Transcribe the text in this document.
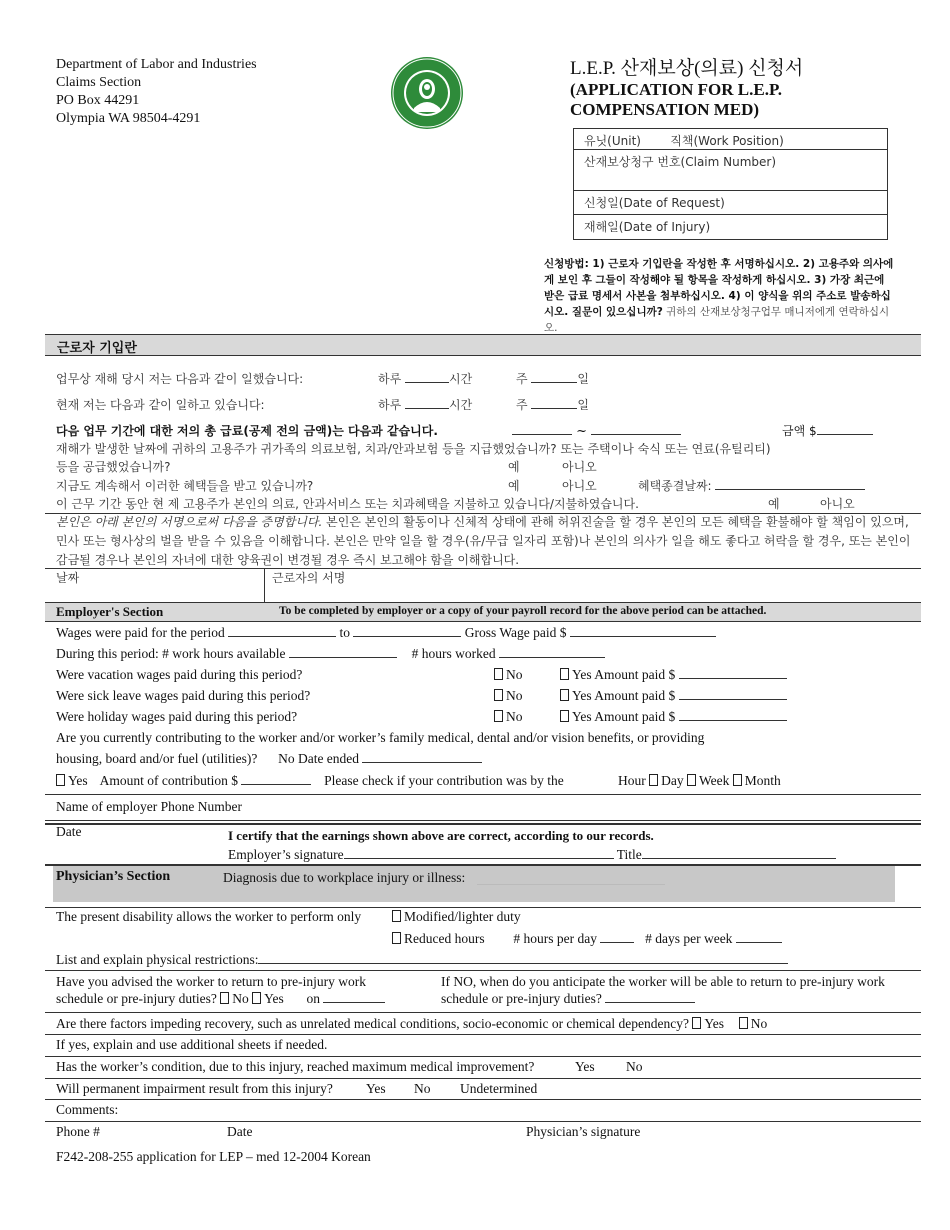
Department of Labor and Industries
Claims Section
PO Box 44291
Olympia WA 98504-4291
L.E.P. 산재보상(의료) 신청서
(APPLICATION FOR L.E.P.
COMPENSATION MED)
유닛(Unit) 직책(Work Position)
산재보상청구 번호(Claim Number)
신청일(Date of Request)
재해일(Date of Injury)
신청방법: 1) 근로자 기입란을 작성한 후 서명하십시오. 2) 고용주와 의사에게 보인 후 그들이 작성해야 될 항목을 작성하게 하십시오. 3) 가장 최근에 받은 급료 명세서 사본을 첨부하십시오. 4) 이 양식을 위의 주소로 발송하십시오. 질문이 있으십니까? 귀하의 산재보상청구업무 매니저에게 연락하십시오.
근로자 기입란
업무상 재해 당시 저는 다음과 같이 일했습니다:	하루	시간	주	일
현재 저는 다음과 같이 일하고 있습니다:	하루	시간	주	일
다음 업무 기간에 대한 저의 총 급료(공제 전의 금액)는 다음과 같습니다.	~	금액 $
재해가 발생한 날짜에 귀하의 고용주가 귀가족의 의료보험, 치과/안과보험 등을 지급했었습니까? 또는 주택이나 숙식 또는 연료(유틸리티)
등을 공급했었습니까?	예	아니오
지금도 계속해서 이러한 혜택들을 받고 있습니까?	예	아니오	혜택종결날짜:
이 근무 기간 동안 현 제 고용주가 본인의 의료, 안과서비스 또는 치과혜택을 지불하고 있습니다/지불하였습니다.	예	아니오
본인은 아래 본인의 서명으로써 다음을 증명합니다. 본인은 본인의 활동이나 신체적 상태에 관해 허위진술을 할 경우 본인의 모든 혜택을 환불해야 할 책임이 있으며, 민사 또는 형사상의 벌을 받을 수 있음을 이해합니다. 본인은 만약 일을 할 경우(유/무급 일자리 포함)나 본인의 의사가 일을 해도 좋다고 허락을 할 경우, 또는 본인이 감금될 경우나 본인의 자녀에 대한 양육권이 변경될 경우 즉시 보고해야 함을 이해합니다.
날짜	근로자의 서명
Employer's Section	To be completed by employer or a copy of your payroll record for the above period can be attached.
Wages were paid for the period	to	Gross Wage paid $
During this period: # work hours available	# hours worked
Were vacation wages paid during this period?	No	Yes Amount paid $
Were sick leave wages paid during this period?	No	Yes Amount paid $
Were holiday wages paid during this period?	No	Yes Amount paid $
Are you currently contributing to the worker and/or worker’s family medical, dental and/or vision benefits, or providing
housing, board and/or fuel (utilities)? No Date ended
Yes Amount of contribution $	Please check if your contribution was by the	Hour Day Week Month
Name of employer Phone Number
Date	I certify that the earnings shown above are correct, according to our records.
Employer’s signature	Title
Physician’s Section	Diagnosis due to workplace injury or illness:
The present disability allows the worker to perform only	Modified/lighter duty
Reduced hours # hours per day	# days per week
List and explain physical restrictions:
Have you advised the worker to return to pre-injury work
schedule or pre-injury duties? No Yes on
If NO, when do you anticipate the worker will be able to return to pre-injury work
schedule or pre-injury duties?
Are there factors impeding recovery, such as unrelated medical conditions, socio-economic or chemical dependency? Yes No
If yes, explain and use additional sheets if needed.
Has the worker’s condition, due to this injury, reached maximum medical improvement?	Yes No
Will permanent impairment result from this injury? Yes No Undetermined
Comments:
Phone #	Date	Physician’s signature
F242-208-255 application for LEP – med 12-2004 Korean
